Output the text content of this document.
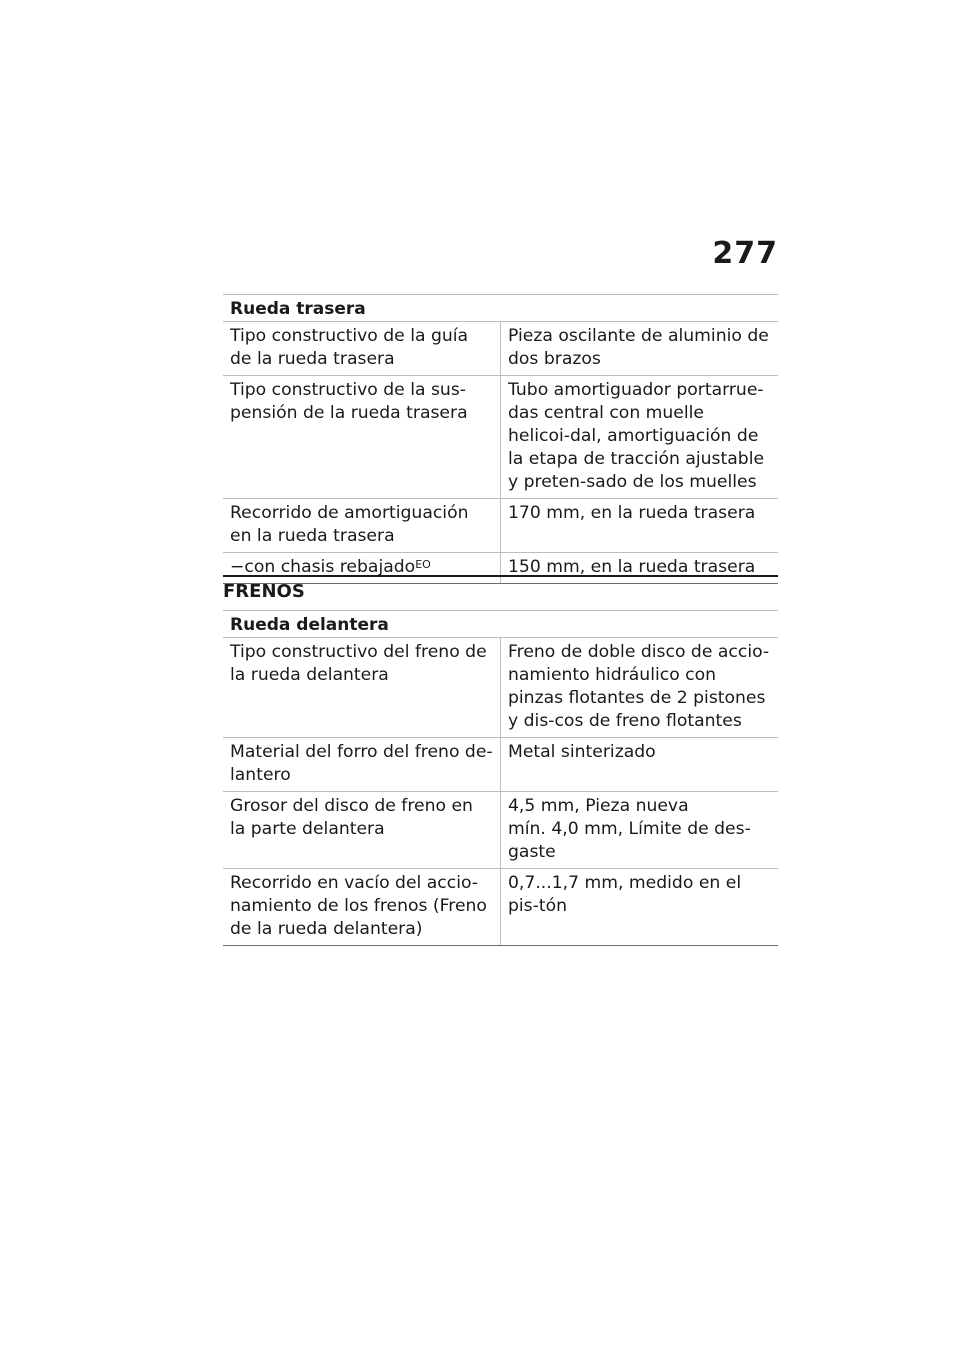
277
Rueda trasera
Tipo constructivo de la guía de la rueda trasera
Pieza oscilante de aluminio de dos brazos
Tipo constructivo de la sus-pensión de la rueda trasera
Tubo amortiguador portarrue-das central con muelle helicoi-dal, amortiguación de la etapa de tracción ajustable y preten-sado de los muelles
Recorrido de amortiguación en la rueda trasera
170 mm, en la rueda trasera
−con chasis rebajado$^{EO}$	150 mm, en la rueda trasera
FRENOS
Rueda delantera
Tipo constructivo del freno de la rueda delantera
Freno de doble disco de accio-namiento hidráulico con pinzas flotantes de 2 pistones y dis-cos de freno flotantes
Material del forro del freno de-lantero
Metal sinterizado
Grosor del disco de freno en la parte delantera
4,5 mm, Pieza nueva
mín. 4,0 mm, Límite de des-gaste
Recorrido en vacío del accio-namiento de los frenos (Freno de la rueda delantera)
0,7...1,7 mm, medido en el pis-tón
